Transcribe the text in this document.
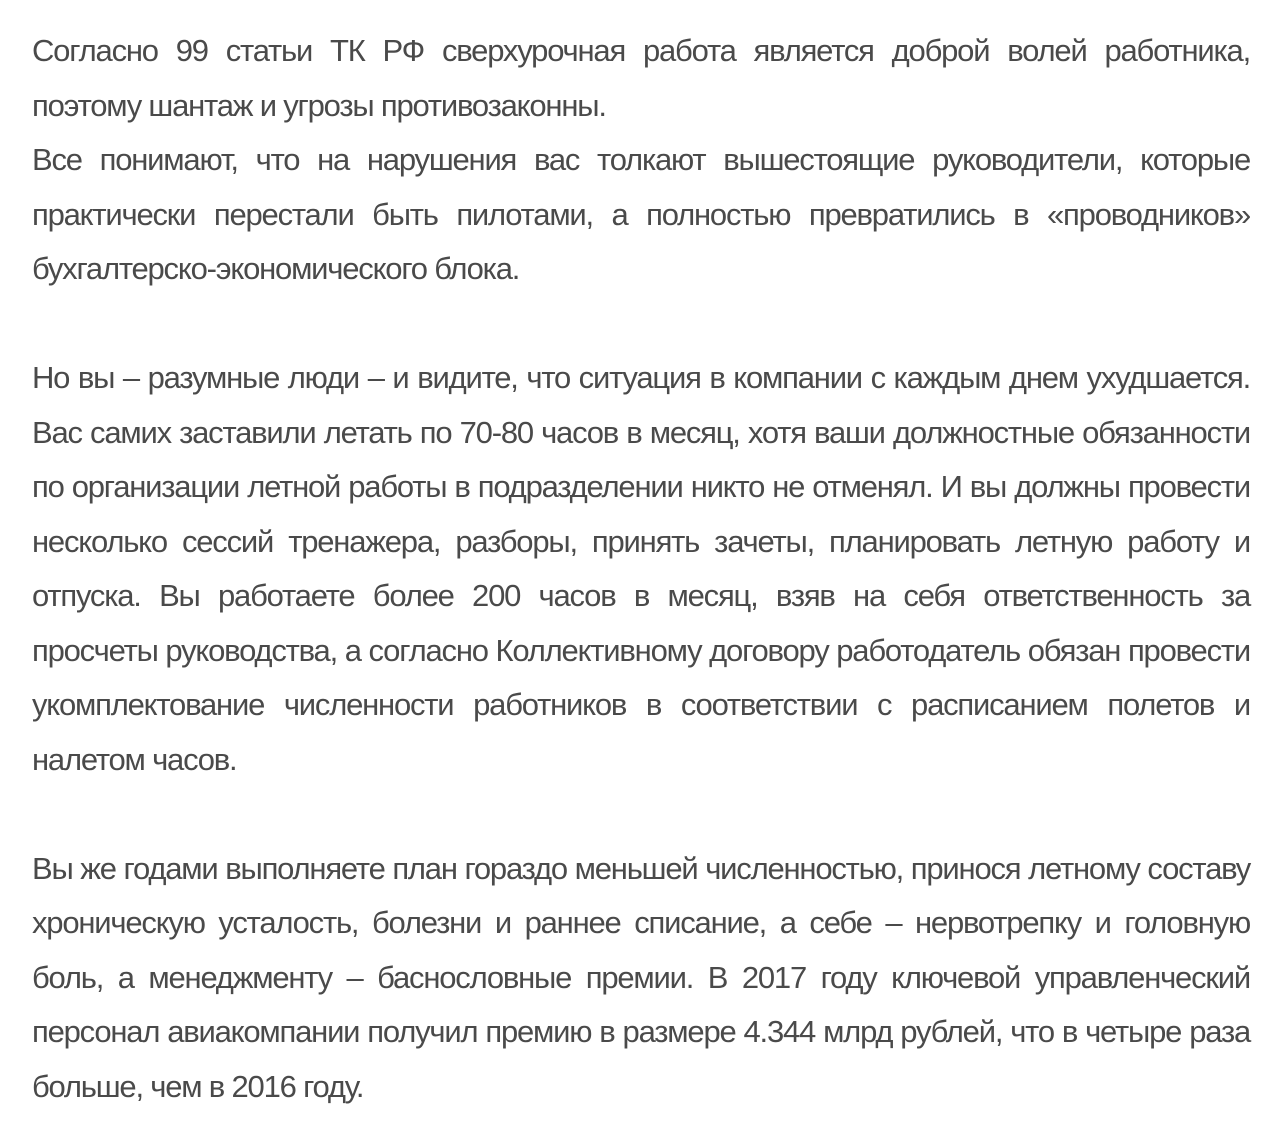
Согласно 99 статьи ТК РФ сверхурочная работа является доброй волей работника, поэтому шантаж и угрозы противозаконны.

Все понимают, что на нарушения вас толкают вышестоящие руководители, которые практически перестали быть пилотами, а полностью превратились в «проводников» бухгалтерско-экономического блока.

Но вы – разумные люди – и видите, что ситуация в компании с каждым днем ухудшается. Вас самих заставили летать по 70-80 часов в месяц, хотя ваши должностные обязанности по организации летной работы в подразделении никто не отменял. И вы должны провести несколько сессий тренажера, разборы, принять зачеты, планировать летную работу и отпуска. Вы работаете более 200 часов в месяц, взяв на себя ответственность за просчеты руководства, а согласно Коллективному договору работодатель обязан провести укомплектование численности работников в соответствии с расписанием полетов и налетом часов.

Вы же годами выполняете план гораздо меньшей численностью, принося летному составу хроническую усталость, болезни и раннее списание, а себе – нервотрепку и головную боль, а менеджменту – баснословные премии. В 2017 году ключевой управленческий персонал авиакомпании получил премию в размере 4.344 млрд рублей, что в четыре раза больше, чем в 2016 году.
